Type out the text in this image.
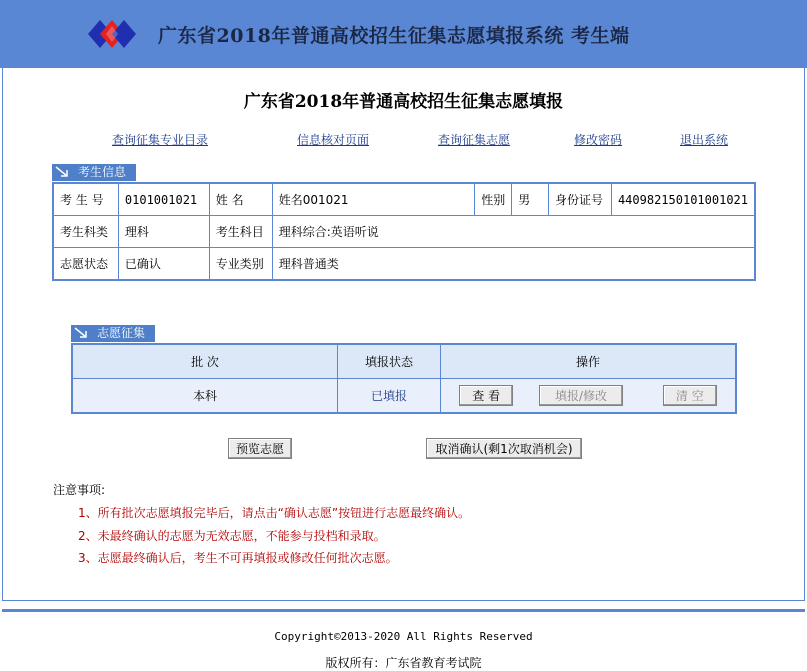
广东省2018年普通高校招生征集志愿填报系统 考生端
广东省2018年普通高校招生征集志愿填报
查询征集专业目录	信息核对页面	查询征集志愿	修改密码	退出系统
考生信息
考 生 号	0101001021	姓 名	姓名001021	性别	男	身份证号	440982150101001021
考生科类	理科	考生科目	理科综合:英语听说				
志愿状态	已确认	专业类别	理科普通类				
志愿征集
批 次	填报状态	操作
本科	已填报	查 看 填报/修改 清 空
预览志愿	取消确认(剩1次取消机会)
注意事项:
1、所有批次志愿填报完毕后，请点击“确认志愿”按钮进行志愿最终确认。
2、未最终确认的志愿为无效志愿，不能参与投档和录取。
3、志愿最终确认后，考生不可再填报或修改任何批次志愿。
Copyright©2013-2020 All Rights Reserved
版权所有：广东省教育考试院
